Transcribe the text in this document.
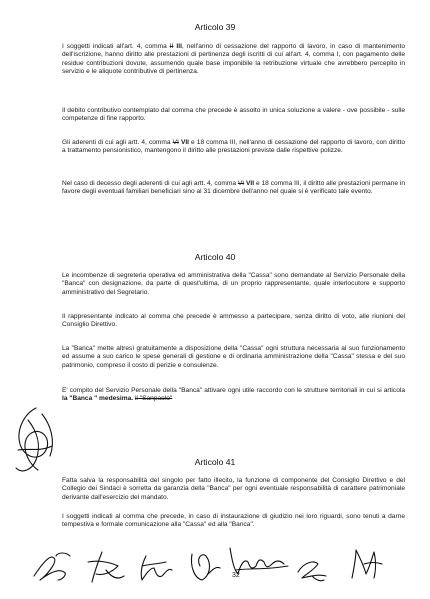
Articolo 39
I soggetti indicati all'art. 4, comma II III, nell'anno di cessazione del rapporto di lavoro, in caso di mantenimento dell'iscrizione, hanno diritto alle prestazioni di pertinenza degli iscritti di cui all'art. 4, comma I, con pagamento delle residue contribuzioni dovute, assumendo quale base imponibile la retribuzione virtuale che avrebbero percepito in servizio e le aliquote contributive di pertinenza.
Il debito contributivo contemplato dal comma che precede è assolto in unica soluzione a valere - ove possibile - sulle competenze di fine rapporto.
Gli aderenti di cui agli artt. 4, comma VI VII e 18 comma III, nell'anno di cessazione del rapporto di lavoro, con diritto a trattamento pensionistico, mantengono il diritto alle prestazioni previste dalle rispettive polizze.
Nel caso di decesso degli aderenti di cui agli artt. 4, comma VI VII e 18 comma III, il diritto alle prestazioni permane in favore degli eventuali familiari beneficiari sino al 31 dicembre dell'anno nel quale si è verificato tale evento.
Articolo 40
Le incombenze di segreteria operativa ed amministrativa della "Cassa" sono demandate al Servizio Personale della "Banca" con designazione, da parte di quest'ultima, di un proprio rappresentante, quale interlocutore e supporto amministrativo del Segretario.
Il rappresentante indicato al comma che precede è ammesso a partecipare, senza diritto di voto, alle riunioni del Consiglio Direttivo.
La "Banca" mette altresì gratuitamente a disposizione della "Cassa" ogni struttura necessaria al suo funzionamento ed assume a suo carico le spese generali di gestione e di ordinaria amministrazione della "Cassa" stessa e del suo patrimonio, compreso il costo di perizie e consulenze.
E' compito del Servizio Personale della "Banca" attivare ogni utile raccordo con le strutture territoriali in cui si articola la "Banca " medesima. il "Sanpaolo"
Articolo 41
Fatta salva la responsabilità del singolo per fatto illecito, la funzione di componente del Consiglio Direttivo e del Collegio dei Sindaci è sorretta da garanzia della "Banca" per ogni eventuale responsabilità di carattere patrimoniale derivante dall'esercizio del mandato.
I soggetti indicati al comma che precede, in caso di instaurazione di giudizio nei loro riguardi, sono tenuti a darne tempestiva e formale comunicazione alla "Cassa" ed alla "Banca".
32
